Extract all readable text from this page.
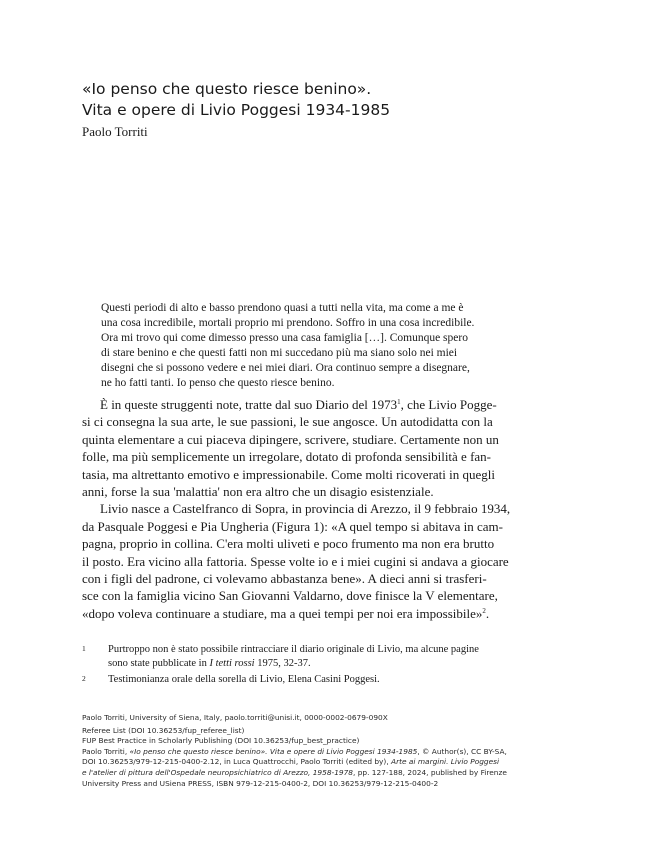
«Io penso che questo riesce benino».
Vita e opere di Livio Poggesi 1934-1985

Paolo Torriti

Questi periodi di alto e basso prendono quasi a tutti nella vita, ma come a me è
una cosa incredibile, mortali proprio mi prendono. Soffro in una cosa incredibile.
Ora mi trovo qui come dimesso presso una casa famiglia […]. Comunque spero
di stare benino e che questi fatti non mi succedano più ma siano solo nei miei
disegni che si possono vedere e nei miei diari. Ora continuo sempre a disegnare,
ne ho fatti tanti. Io penso che questo riesce benino.
È in queste struggenti note, tratte dal suo Diario del 1973$^1$, che Livio Pogge-
si ci consegna la sua arte, le sue passioni, le sue angosce. Un autodidatta con la
quinta elementare a cui piaceva dipingere, scrivere, studiare. Certamente non un
folle, ma più semplicemente un irregolare, dotato di profonda sensibilità e fan-
tasia, ma altrettanto emotivo e impressionabile. Come molti ricoverati in quegli
anni, forse la sua 'malattia' non era altro che un disagio esistenziale.
Livio nasce a Castelfranco di Sopra, in provincia di Arezzo, il 9 febbraio 1934,
da Pasquale Poggesi e Pia Ungheria (Figura 1): «A quel tempo si abitava in cam-
pagna, proprio in collina. C'era molti uliveti e poco frumento ma non era brutto
il posto. Era vicino alla fattoria. Spesse volte io e i miei cugini si andava a giocare
con i figli del padrone, ci volevamo abbastanza bene». A dieci anni si trasferi-
sce con la famiglia vicino San Giovanni Valdarno, dove finisce la V elementare,
«dopo voleva continuare a studiare, ma a quei tempi per noi era impossibile»$^2$.
1 Purtroppo non è stato possibile rintracciare il diario originale di Livio, ma alcune pagine
sono state pubblicate in I tetti rossi 1975, 32-37.
2 Testimonianza orale della sorella di Livio, Elena Casini Poggesi.
Paolo Torriti, University of Siena, Italy, paolo.torriti@unisi.it, 0000-0002-0679-090X
Referee List (DOI 10.36253/fup_referee_list)
FUP Best Practice in Scholarly Publishing (DOI 10.36253/fup_best_practice)
Paolo Torriti, «Io penso che questo riesce benino». Vita e opere di Livio Poggesi 1934-1985, © Author(s), CC BY-SA,
DOI 10.36253/979-12-215-0400-2.12, in Luca Quattrocchi, Paolo Torriti (edited by), Arte ai margini. Livio Poggesi
e l'atelier di pittura dell'Ospedale neuropsichiatrico di Arezzo, 1958-1978, pp. 127-188, 2024, published by Firenze
University Press and USiena PRESS, ISBN 979-12-215-0400-2, DOI 10.36253/979-12-215-0400-2
